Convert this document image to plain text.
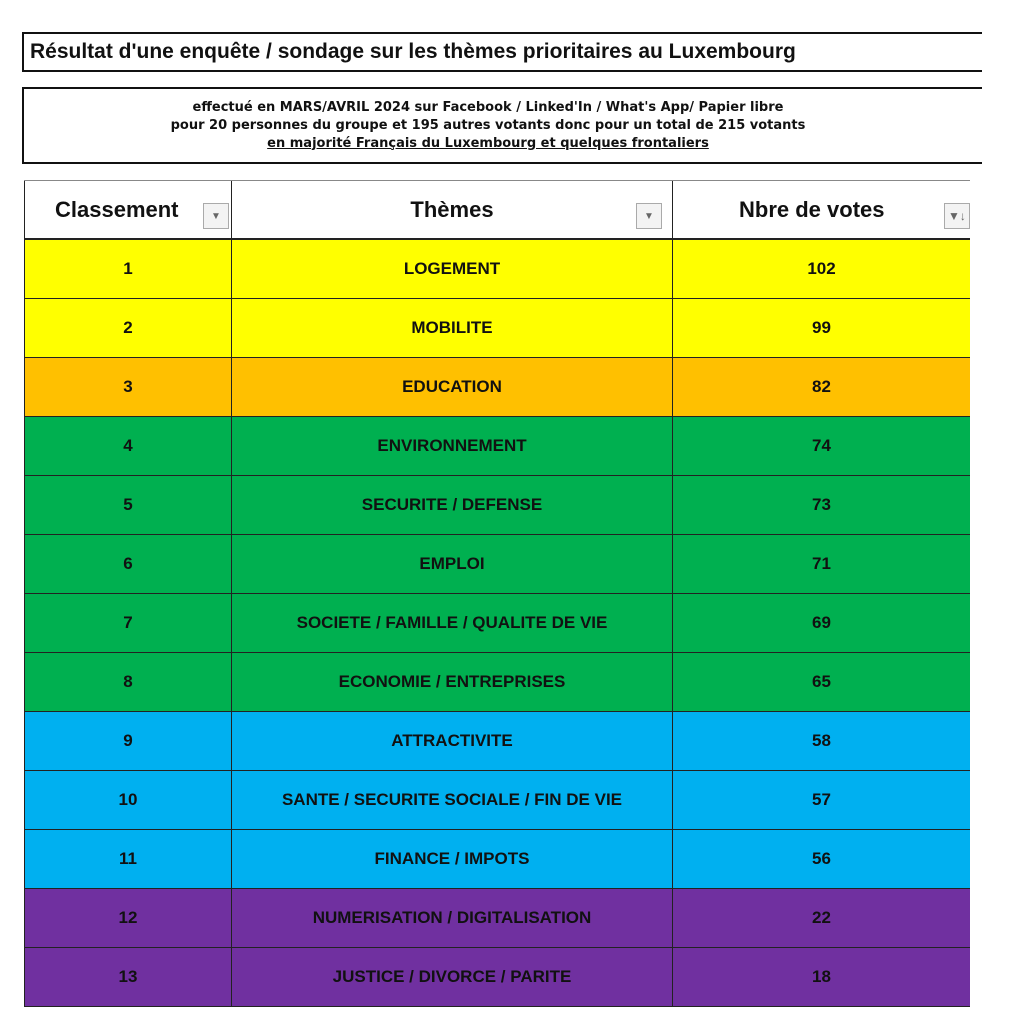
Résultat d'une enquête / sondage sur les thèmes prioritaires au Luxembourg
effectué en MARS/AVRIL 2024 sur Facebook / Linked'In / What's App/ Papier libre
pour 20 personnes du groupe et 195 autres votants donc pour un total de 215 votants
en majorité Français du Luxembourg et quelques frontaliers
Classement	▼	Thèmes	▼	Nbre de votes	▼↓
1	LOGEMENT	102
2	MOBILITE	99
3	EDUCATION	82
4	ENVIRONNEMENT	74
5	SECURITE / DEFENSE	73
6	EMPLOI	71
7	SOCIETE / FAMILLE / QUALITE DE VIE	69
8	ECONOMIE / ENTREPRISES	65
9	ATTRACTIVITE	58
10	SANTE / SECURITE SOCIALE / FIN DE VIE	57
11	FINANCE / IMPOTS	56
12	NUMERISATION / DIGITALISATION	22
13	JUSTICE / DIVORCE / PARITE	18
